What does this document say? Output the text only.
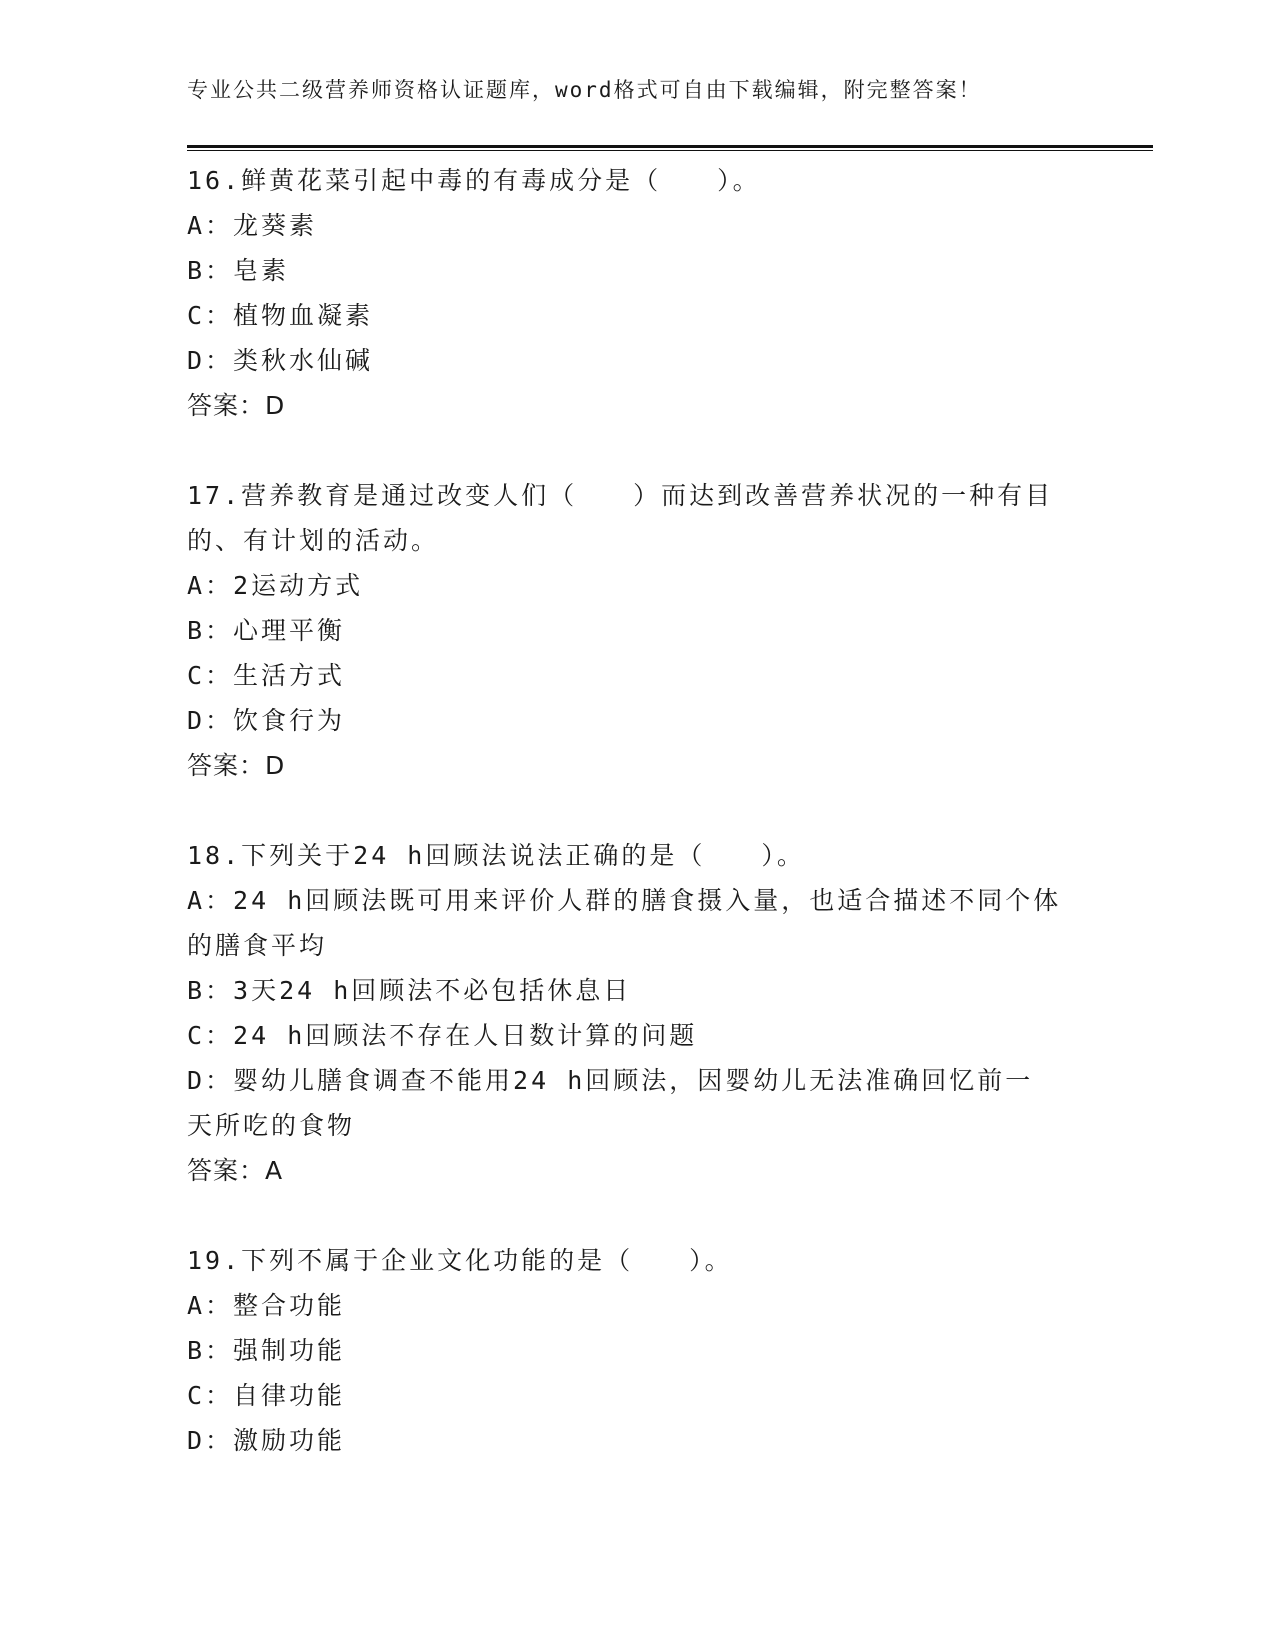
专业公共二级营养师资格认证题库，word格式可自由下载编辑，附完整答案！
16.鲜黄花菜引起中毒的有毒成分是（　　）。
A：龙葵素
B：皂素
C：植物血凝素
D：类秋水仙碱
答案：D
17.营养教育是通过改变人们（　　）而达到改善营养状况的一种有目
的、有计划的活动。
A：2运动方式
B：心理平衡
C：生活方式
D：饮食行为
答案：D
18.下列关于24 h回顾法说法正确的是（　　）。
A：24 h回顾法既可用来评价人群的膳食摄入量，也适合描述不同个体
的膳食平均
B：3天24 h回顾法不必包括休息日
C：24 h回顾法不存在人日数计算的问题
D：婴幼儿膳食调查不能用24 h回顾法，因婴幼儿无法准确回忆前一
天所吃的食物
答案：A
19.下列不属于企业文化功能的是（　　）。
A：整合功能
B：强制功能
C：自律功能
D：激励功能
